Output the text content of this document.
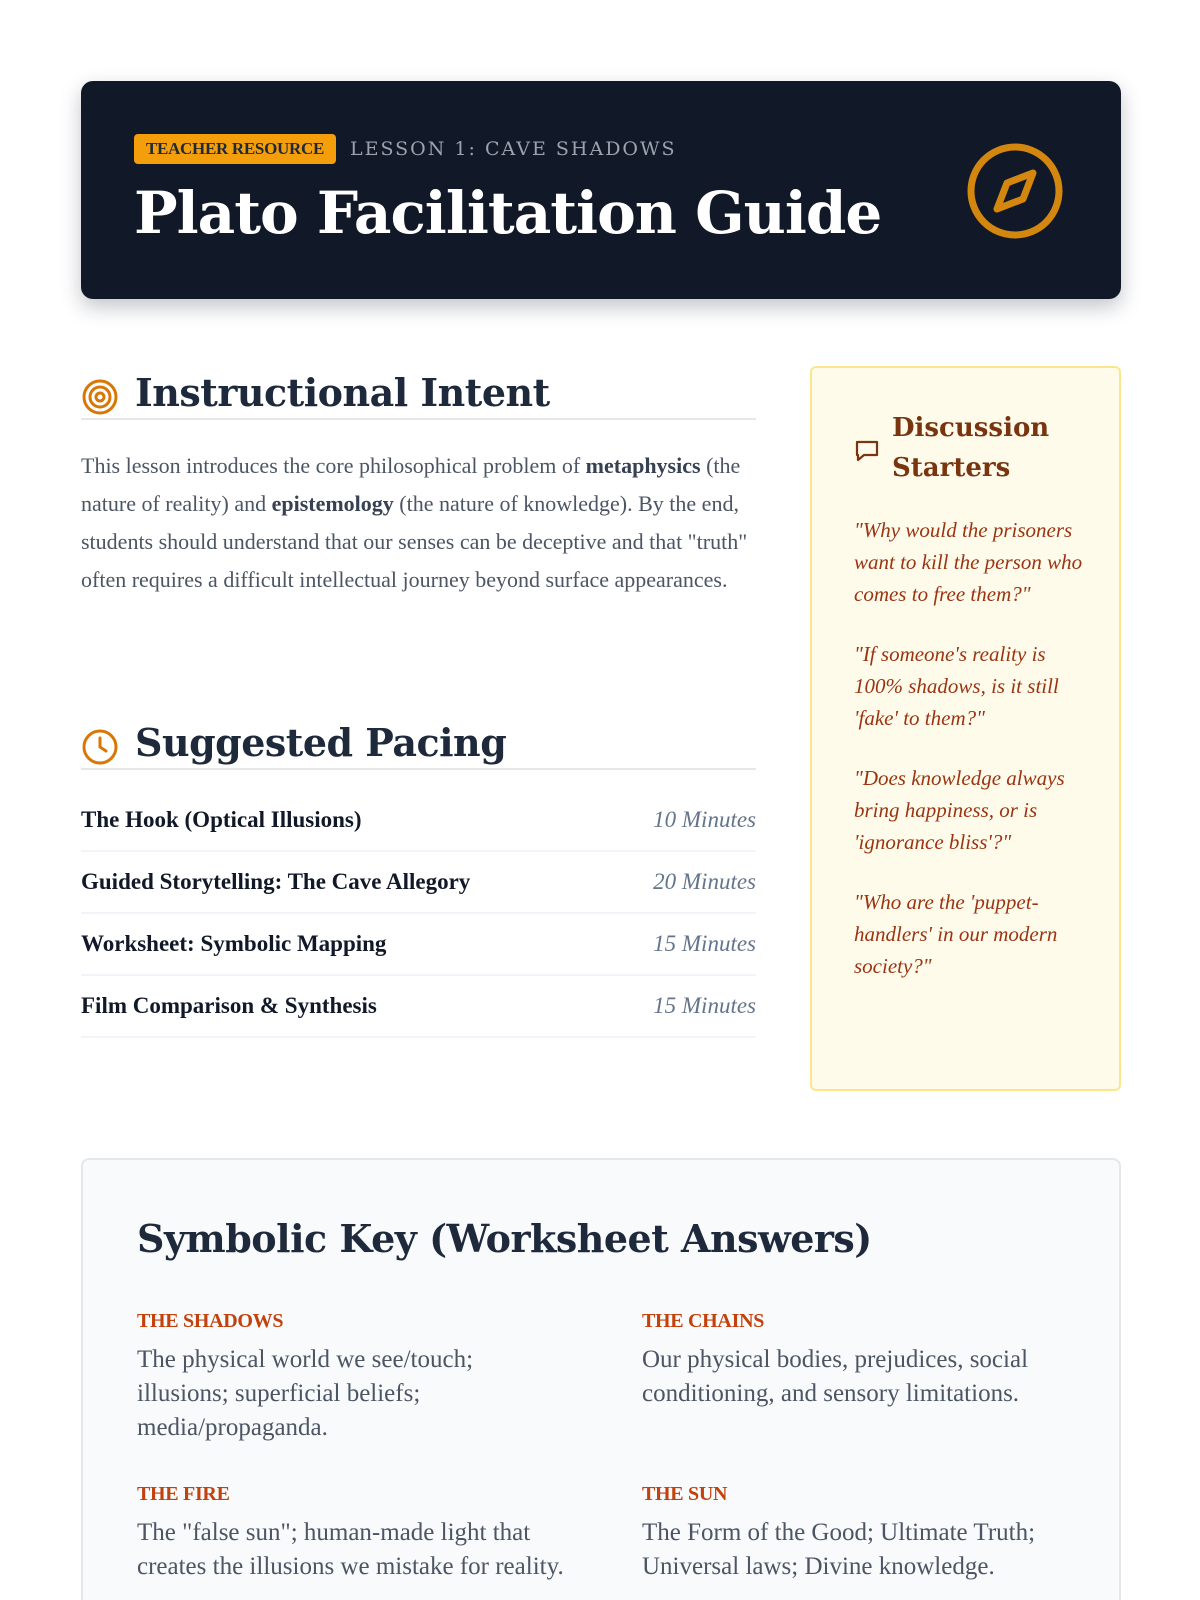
TEACHER RESOURCE	LESSON 1: CAVE SHADOWS
Plato Facilitation Guide
Instructional Intent

This lesson introduces the core philosophical problem of metaphysics (the nature of reality) and epistemology (the nature of knowledge). By the end, students should understand that our senses can be deceptive and that "truth" often requires a difficult intellectual journey beyond surface appearances.

Suggested Pacing
The Hook (Optical Illusions)	10 Minutes
Guided Storytelling: The Cave Allegory	20 Minutes
Worksheet: Symbolic Mapping	15 Minutes
Film Comparison & Synthesis	15 Minutes
Discussion Starters

"Why would the prisoners want to kill the person who comes to free them?"

"If someone's reality is 100% shadows, is it still 'fake' to them?"

"Does knowledge always bring happiness, or is 'ignorance bliss'?"

"Who are the 'puppet-handlers' in our modern society?"

Symbolic Key (Worksheet Answers)
THE SHADOWS
The physical world we see/touch; illusions; superficial beliefs; media/propaganda.
THE CHAINS
Our physical bodies, prejudices, social conditioning, and sensory limitations.
THE FIRE
The "false sun"; human-made light that creates the illusions we mistake for reality.
THE SUN
The Form of the Good; Ultimate Truth; Universal laws; Divine knowledge.
